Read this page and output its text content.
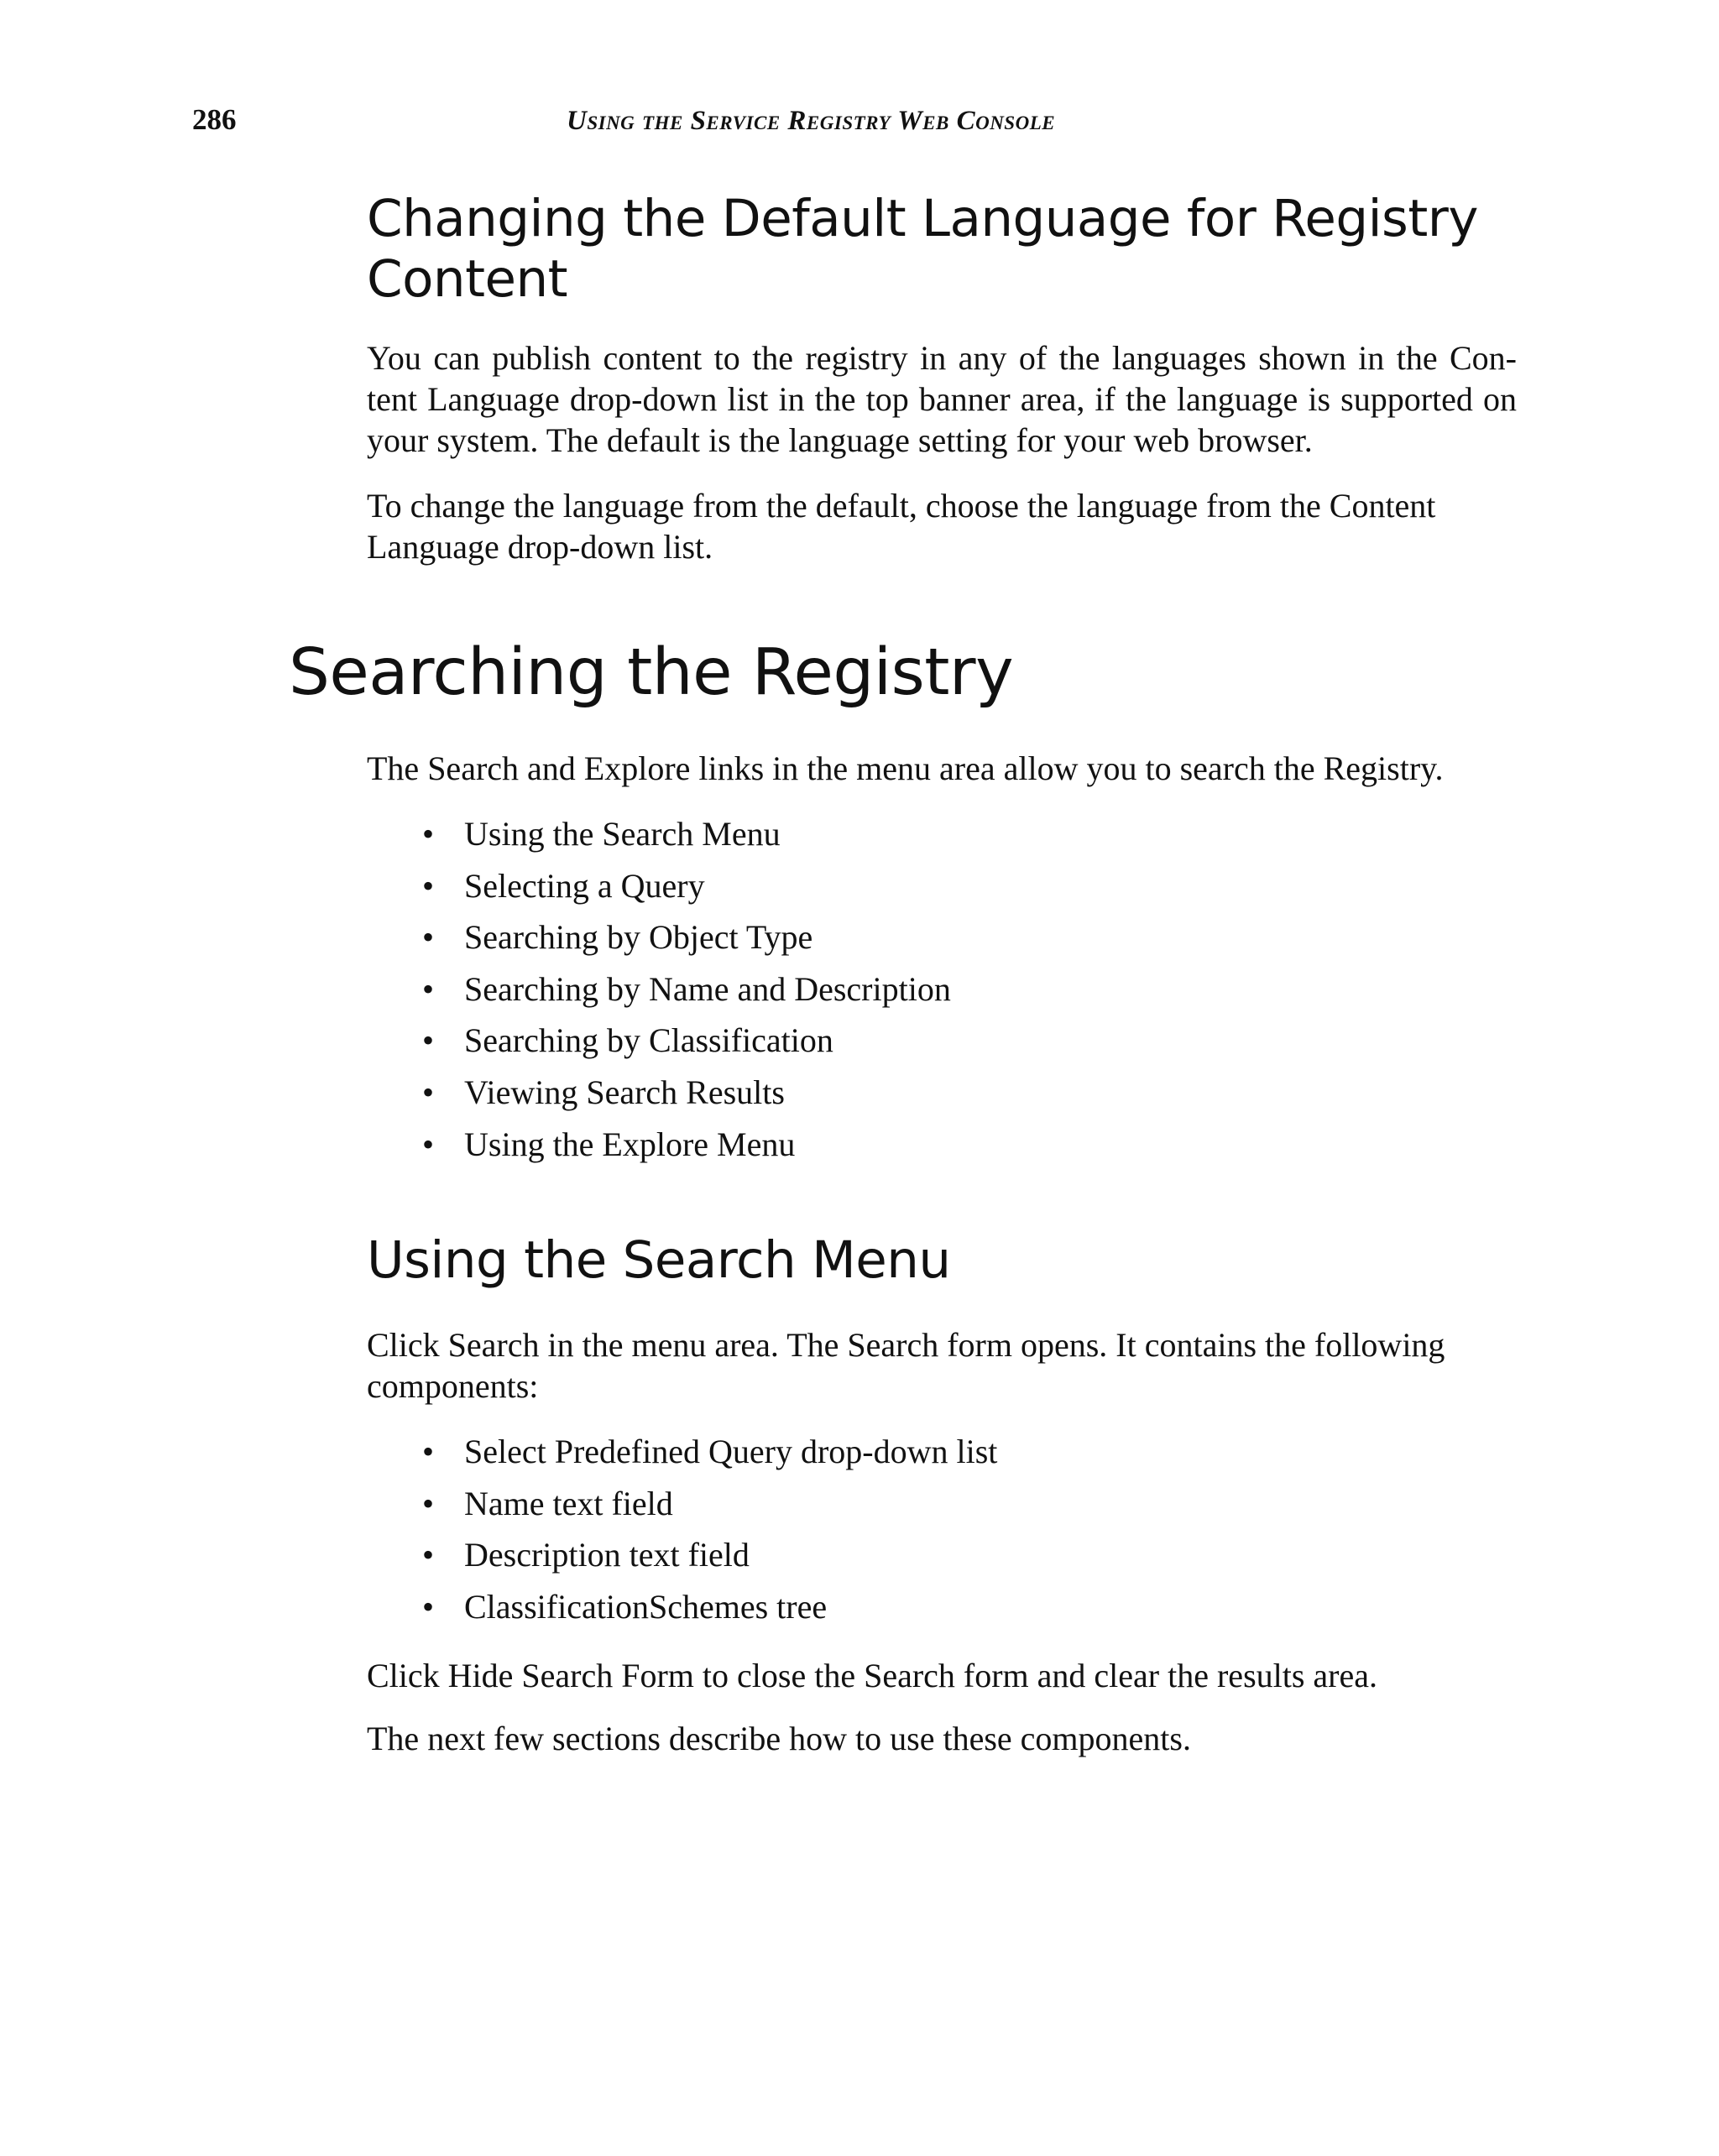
286	Using the Service Registry Web Console
Changing the Default Language for Registry Content

You can publish content to the registry in any of the languages shown in the Con- tent Language drop-down list in the top banner area, if the language is supported on your system. The default is the language setting for your web browser.

To change the language from the default, choose the language from the Content Language drop-down list.

Searching the Registry

The Search and Explore links in the menu area allow you to search the Registry.

• Using the Search Menu
• Selecting a Query
• Searching by Object Type
• Searching by Name and Description
• Searching by Classification
• Viewing Search Results
• Using the Explore Menu
Using the Search Menu

Click Search in the menu area. The Search form opens. It contains the following components:

• Select Predefined Query drop-down list
• Name text field
• Description text field
• ClassificationSchemes tree

Click Hide Search Form to close the Search form and clear the results area.

The next few sections describe how to use these components.
